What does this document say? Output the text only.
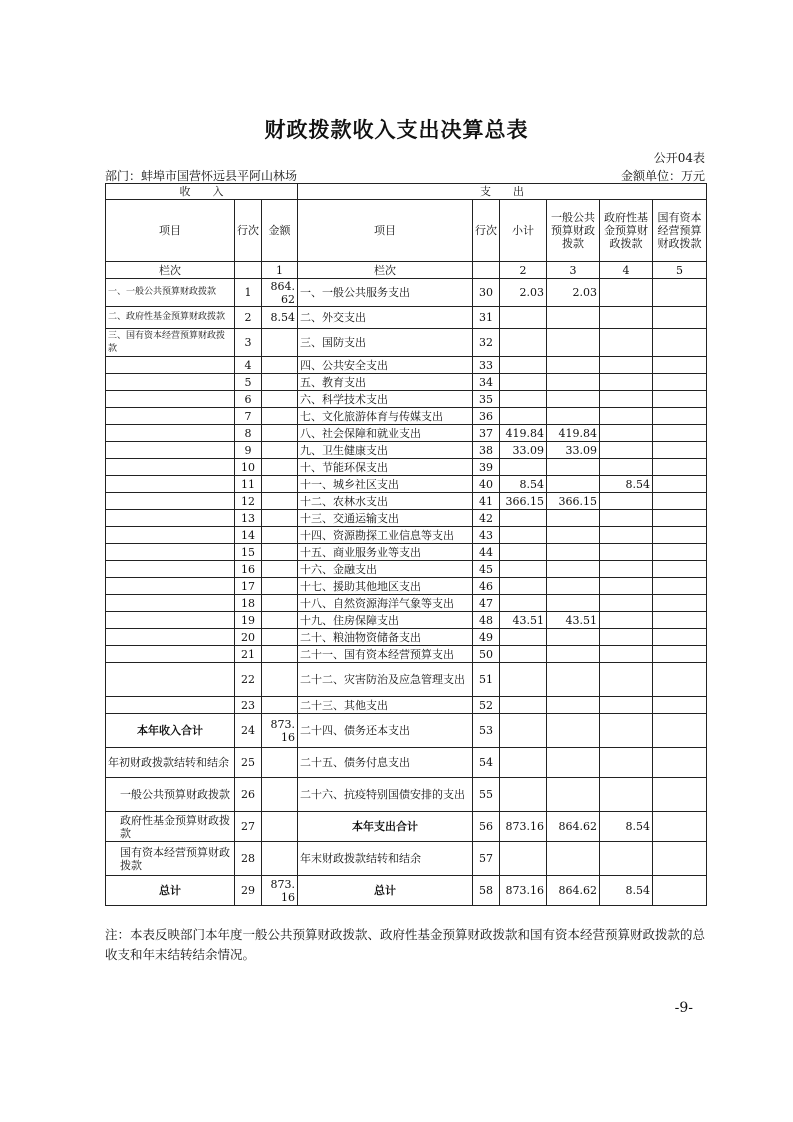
财政拨款收入支出决算总表
公开04表
部门：蚌埠市国营怀远县平阿山林场	金额单位：万元
收　　入			支　　出					
项目	行次	金额	项目	行次	小计	一般公共预算财政拨款	政府性基金预算财政拨款	国有资本经营预算财政拨款
栏次		1	栏次		2	3	4	5
一、一般公共预算财政拨款	1	864.62	一、一般公共服务支出	30	2.03	2.03		
二、政府性基金预算财政拨款	2	8.54	二、外交支出	31				
三、国有资本经营预算财政拨款	3		三、国防支出	32				
	4		四、公共安全支出	33				
	5		五、教育支出	34				
	6		六、科学技术支出	35				
	7		七、文化旅游体育与传媒支出	36				
	8		八、社会保障和就业支出	37	419.84	419.84		
	9		九、卫生健康支出	38	33.09	33.09		
	10		十、节能环保支出	39				
	11		十一、城乡社区支出	40	8.54		8.54	
	12		十二、农林水支出	41	366.15	366.15		
	13		十三、交通运输支出	42				
	14		十四、资源勘探工业信息等支出	43				
	15		十五、商业服务业等支出	44				
	16		十六、金融支出	45				
	17		十七、援助其他地区支出	46				
	18		十八、自然资源海洋气象等支出	47				
	19		十九、住房保障支出	48	43.51	43.51		
	20		二十、粮油物资储备支出	49				
	21		二十一、国有资本经营预算支出	50				
	22		二十二、灾害防治及应急管理支出	51				
	23		二十三、其他支出	52				
本年收入合计	24	873.16	二十四、债务还本支出	53				
年初财政拨款结转和结余	25		二十五、债务付息支出	54				
一般公共预算财政拨款	26		二十六、抗疫特别国债安排的支出	55				
政府性基金预算财政拨款	27		本年支出合计	56	873.16	864.62	8.54	
国有资本经营预算财政拨款	28		年末财政拨款结转和结余	57				
总计	29	873.16	总计	58	873.16	864.62	8.54	
注：本表反映部门本年度一般公共预算财政拨款、政府性基金预算财政拨款和国有资本经营预算财政拨款的总收支和年末结转结余情况。
-9-
